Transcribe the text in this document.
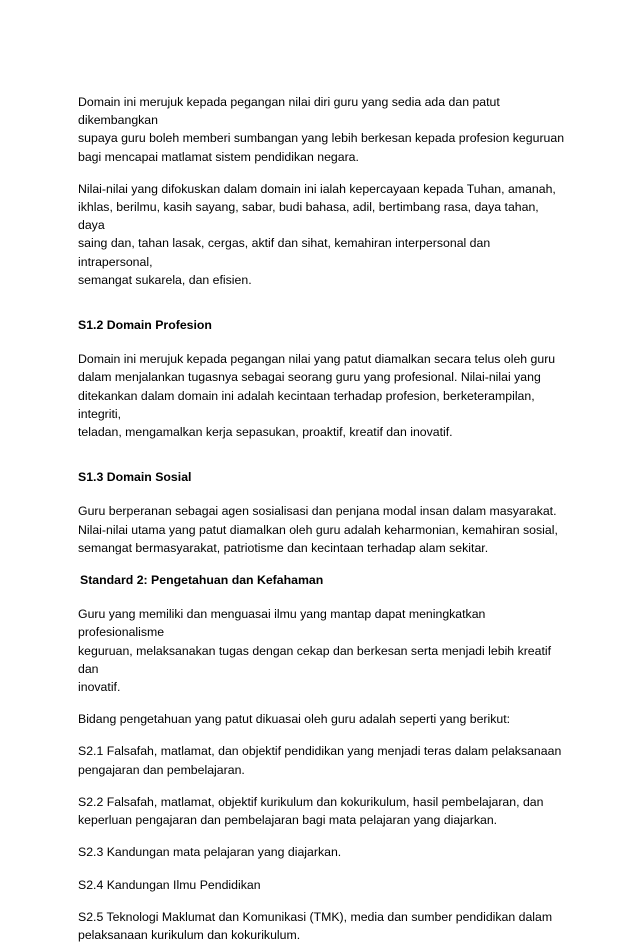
Domain ini merujuk kepada pegangan nilai diri guru yang sedia ada dan patut dikembangkan
supaya guru boleh memberi sumbangan yang lebih berkesan kepada profesion keguruan
bagi mencapai matlamat sistem pendidikan negara.

Nilai-nilai yang difokuskan dalam domain ini ialah kepercayaan kepada Tuhan, amanah,
ikhlas, berilmu, kasih sayang, sabar, budi bahasa, adil, bertimbang rasa, daya tahan, daya
saing dan, tahan lasak, cergas, aktif dan sihat, kemahiran interpersonal dan intrapersonal,
semangat sukarela, dan efisien.

S1.2 Domain Profesion

Domain ini merujuk kepada pegangan nilai yang patut diamalkan secara telus oleh guru
dalam menjalankan tugasnya sebagai seorang guru yang profesional. Nilai-nilai yang
ditekankan dalam domain ini adalah kecintaan terhadap profesion, berketerampilan, integriti,
teladan, mengamalkan kerja sepasukan, proaktif, kreatif dan inovatif.

S1.3 Domain Sosial

Guru berperanan sebagai agen sosialisasi dan penjana modal insan dalam masyarakat.
Nilai-nilai utama yang patut diamalkan oleh guru adalah keharmonian, kemahiran sosial,
semangat bermasyarakat, patriotisme dan kecintaan terhadap alam sekitar.

Standard 2: Pengetahuan dan Kefahaman

Guru yang memiliki dan menguasai ilmu yang mantap dapat meningkatkan profesionalisme
keguruan, melaksanakan tugas dengan cekap dan berkesan serta menjadi lebih kreatif dan
inovatif.

Bidang pengetahuan yang patut dikuasai oleh guru adalah seperti yang berikut:

S2.1 Falsafah, matlamat, dan objektif pendidikan yang menjadi teras dalam pelaksanaan
pengajaran dan pembelajaran.

S2.2 Falsafah, matlamat, objektif kurikulum dan kokurikulum, hasil pembelajaran, dan
keperluan pengajaran dan pembelajaran bagi mata pelajaran yang diajarkan.

S2.3 Kandungan mata pelajaran yang diajarkan.

S2.4 Kandungan Ilmu Pendidikan

S2.5 Teknologi Maklumat dan Komunikasi (TMK), media dan sumber pendidikan dalam
pelaksanaan kurikulum dan kokurikulum.
